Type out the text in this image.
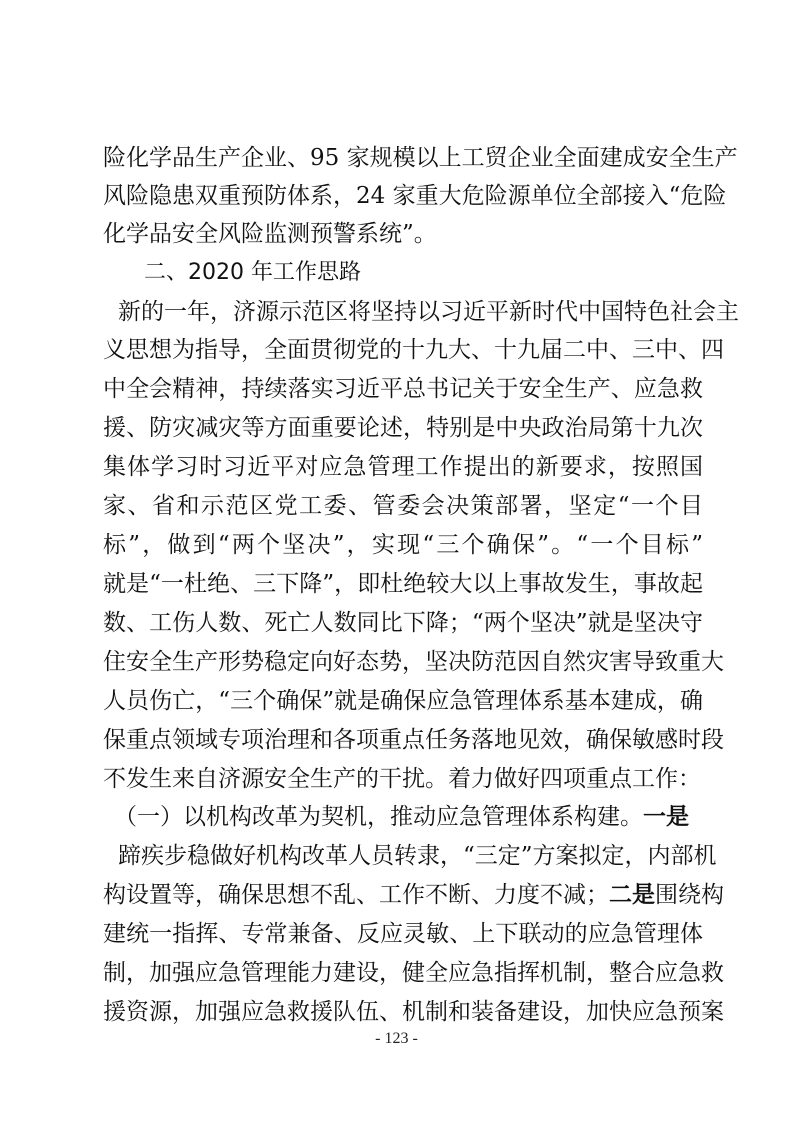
险化学品生产企业、95 家规模以上工贸企业全面建成安全生产
风险隐患双重预防体系，24 家重大危险源单位全部接入“危险
化学品安全风险监测预警系统”。
二、2020 年工作思路
新的一年，济源示范区将坚持以习近平新时代中国特色社会主
义思想为指导，全面贯彻党的十九大、十九届二中、三中、四
中全会精神，持续落实习近平总书记关于安全生产、应急救
援、防灾减灾等方面重要论述，特别是中央政治局第十九次
集体学习时习近平对应急管理工作提出的新要求，按照国
家、省和示范区党工委、管委会决策部署，坚定“一个目
标”，做到“两个坚决”，实现“三个确保”。“一个目标”
就是“一杜绝、三下降”，即杜绝较大以上事故发生，事故起
数、工伤人数、死亡人数同比下降；“两个坚决”就是坚决守
住安全生产形势稳定向好态势，坚决防范因自然灾害导致重大
人员伤亡，“三个确保”就是确保应急管理体系基本建成，确
保重点领域专项治理和各项重点任务落地见效，确保敏感时段
不发生来自济源安全生产的干扰。着力做好四项重点工作：
（一）以机构改革为契机，推动应急管理体系构建。一是
蹄疾步稳做好机构改革人员转隶，“三定”方案拟定，内部机
构设置等，确保思想不乱、工作不断、力度不减；二是围绕构
建统一指挥、专常兼备、反应灵敏、上下联动的应急管理体
制，加强应急管理能力建设，健全应急指挥机制，整合应急救
援资源，加强应急救援队伍、机制和装备建设，加快应急预案
- 123 -
